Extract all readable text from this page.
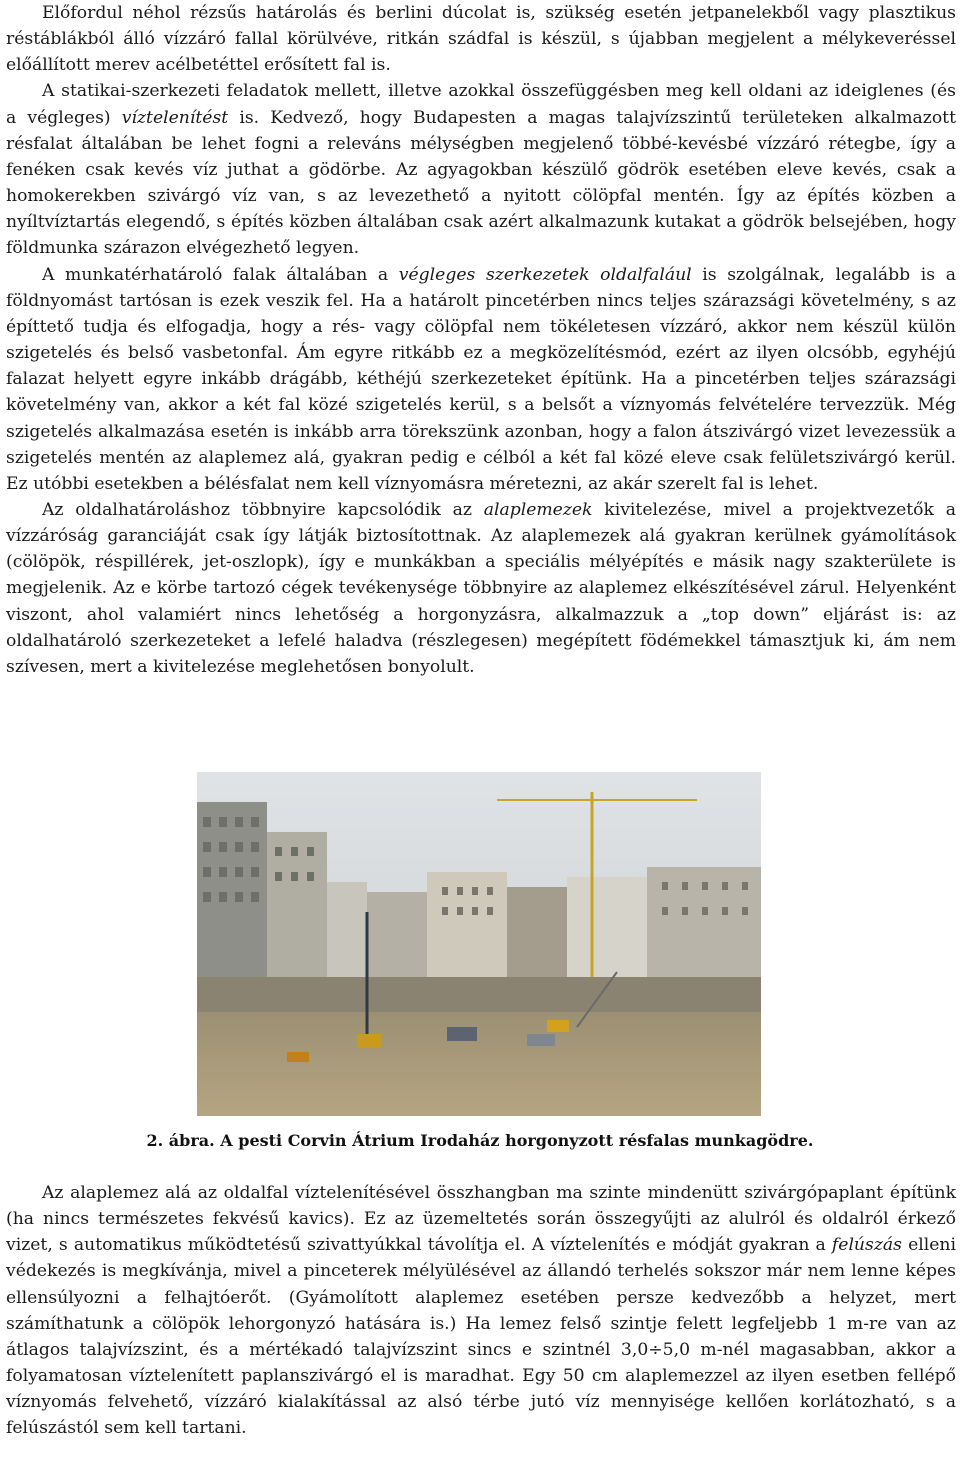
Előfordul néhol rézsűs határolás és berlini dúcolat is, szükség esetén jetpanelekből vagy plasztikus réstáblákból álló vízzáró fallal körülvéve, ritkán szádfal is készül, s újabban megjelent a mélykeveréssel előállított merev acélbetéttel erősített fal is.

A statikai-szerkezeti feladatok mellett, illetve azokkal összefüggésben meg kell oldani az ideiglenes (és a végleges) víztelenítést is. Kedvező, hogy Budapesten a magas talajvízszintű területeken alkalmazott résfalat általában be lehet fogni a releváns mélységben megjelenő többé-kevésbé vízzáró rétegbe, így a fenéken csak kevés víz juthat a gödörbe. Az agyagokban készülő gödrök esetében eleve kevés, csak a homokerekben szivárgó víz van, s az levezethető a nyitott cölöpfal mentén. Így az építés közben a nyíltvíztartás elegendő, s építés közben általában csak azért alkalmazunk kutakat a gödrök belsejében, hogy földmunka szárazon elvégezhető legyen.

A munkatérhatároló falak általában a végleges szerkezetek oldalfalául is szolgálnak, legalább is a földnyomást tartósan is ezek veszik fel. Ha a határolt pincetérben nincs teljes szárazsági követelmény, s az építtető tudja és elfogadja, hogy a rés- vagy cölöpfal nem tökéletesen vízzáró, akkor nem készül külön szigetelés és belső vasbetonfal. Ám egyre ritkább ez a megközelítésmód, ezért az ilyen olcsóbb, egyhéjú falazat helyett egyre inkább drágább, kéthéjú szerkezeteket építünk. Ha a pincetérben teljes szárazsági követelmény van, akkor a két fal közé szigetelés kerül, s a belsőt a víznyomás felvételére tervezzük. Még szigetelés alkalmazása esetén is inkább arra törekszünk azonban, hogy a falon átszivárgó vizet levezessük a szigetelés mentén az alaplemez alá, gyakran pedig e célból a két fal közé eleve csak felületszivárgó kerül. Ez utóbbi esetekben a bélésfalat nem kell víznyomásra méretezni, az akár szerelt fal is lehet.

Az oldalhatároláshoz többnyire kapcsolódik az alaplemezek kivitelezése, mivel a projektvezetők a vízzáróság garanciáját csak így látják biztosítottnak. Az alaplemezek alá gyakran kerülnek gyámolítások (cölöpök, réspillérek, jet-oszlopk), így e munkákban a speciális mélyépítés e másik nagy szakterülete is megjelenik. Az e körbe tartozó cégek tevékenysége többnyire az alaplemez elkészítésével zárul. Helyenként viszont, ahol valamiért nincs lehetőség a horgonyzásra, alkalmazzuk a „top down” eljárást is: az oldalhatároló szerkezeteket a lefelé haladva (részlegesen) megépített födémekkel támasztjuk ki, ám nem szívesen, mert a kivitelezése meglehetősen bonyolult.

2. ábra. A pesti Corvin Átrium Irodaház horgonyzott résfalas munkagödre.

Az alaplemez alá az oldalfal víztelenítésével összhangban ma szinte mindenütt szivárgópaplant építünk (ha nincs természetes fekvésű kavics). Ez az üzemeltetés során összegyűjti az alulról és oldalról érkező vizet, s automatikus működtetésű szivattyúkkal távolítja el. A víztelenítés e módját gyakran a felúszás elleni védekezés is megkívánja, mivel a pinceterek mélyülésével az állandó terhelés sokszor már nem lenne képes ellensúlyozni a felhajtóerőt. (Gyámolított alaplemez esetében persze kedvezőbb a helyzet, mert számíthatunk a cölöpök lehorgonyzó hatására is.) Ha lemez felső szintje felett legfeljebb 1 m-re van az átlagos talajvízszint, és a mértékadó talajvízszint sincs e szintnél 3,0÷5,0 m-nél magasabban, akkor a folyamatosan víztelenített paplanszivárgó el is maradhat. Egy 50 cm alaplemezzel az ilyen esetben fellépő víznyomás felvehető, vízzáró kialakítással az alsó térbe jutó víz mennyisége kellően korlátozható, s a felúszástól sem kell tartani.
